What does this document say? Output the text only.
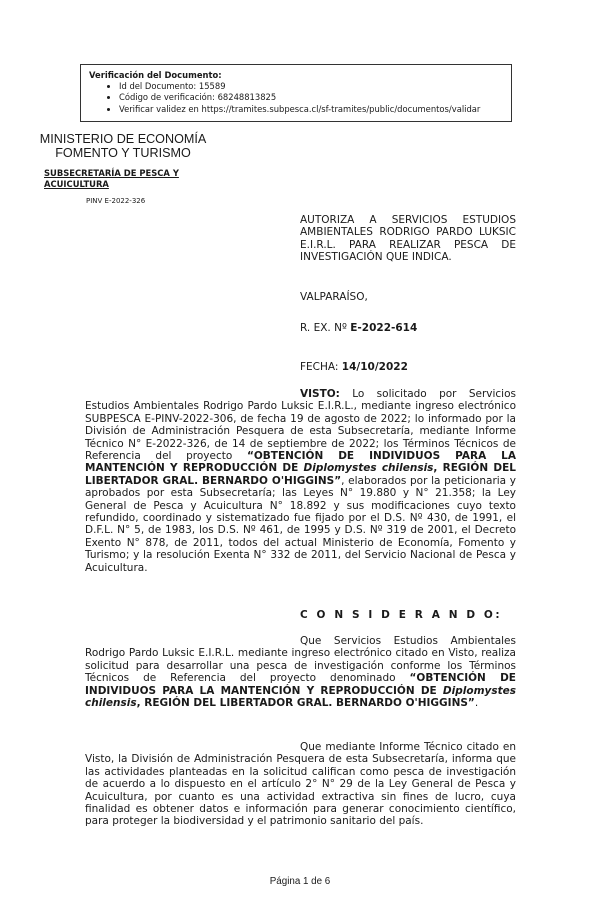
Verificación del Documento:
• Id del Documento: 15589
• Código de verificación: 68248813825
• Verificar validez en https://tramites.subpesca.cl/sf-tramites/public/documentos/validar
MINISTERIO DE ECONOMÍA
FOMENTO Y TURISMO
SUBSECRETARÍA DE PESCA Y
ACUICULTURA
PINV E-2022-326
AUTORIZA A SERVICIOS ESTUDIOS AMBIENTALES RODRIGO PARDO LUKSIC E.I.R.L. PARA REALIZAR PESCA DE INVESTIGACIÓN QUE INDICA.
VALPARAÍSO,
R. EX. Nº E-2022-614
FECHA: 14/10/2022

VISTO: Lo solicitado por Servicios Estudios Ambientales Rodrigo Pardo Luksic E.I.R.L., mediante ingreso electrónico SUBPESCA E-PINV-2022-306, de fecha 19 de agosto de 2022; lo informado por la División de Administración Pesquera de esta Subsecretaría, mediante Informe Técnico N° E-2022-326, de 14 de septiembre de 2022; los Términos Técnicos de Referencia del proyecto “OBTENCIÓN DE INDIVIDUOS PARA LA MANTENCIÓN Y REPRODUCCIÓN DE Diplomystes chilensis, REGIÓN DEL LIBERTADOR GRAL. BERNARDO O'HIGGINS”, elaborados por la peticionaria y aprobados por esta Subsecretaría; las Leyes N° 19.880 y N° 21.358; la Ley General de Pesca y Acuicultura N° 18.892 y sus modificaciones cuyo texto refundido, coordinado y sistematizado fue fijado por el D.S. Nº 430, de 1991, el D.F.L. N° 5, de 1983, los D.S. Nº 461, de 1995 y D.S. Nº 319 de 2001, el Decreto Exento N° 878, de 2011, todos del actual Ministerio de Economía, Fomento y Turismo; y la resolución Exenta N° 332 de 2011, del Servicio Nacional de Pesca y Acuicultura.

C O N S I D E R A N D O:

Que Servicios Estudios Ambientales Rodrigo Pardo Luksic E.I.R.L. mediante ingreso electrónico citado en Visto, realiza solicitud para desarrollar una pesca de investigación conforme los Términos Técnicos de Referencia del proyecto denominado “OBTENCIÓN DE INDIVIDUOS PARA LA MANTENCIÓN Y REPRODUCCIÓN DE Diplomystes chilensis, REGIÓN DEL LIBERTADOR GRAL. BERNARDO O'HIGGINS”.

Que mediante Informe Técnico citado en Visto, la División de Administración Pesquera de esta Subsecretaría, informa que las actividades planteadas en la solicitud califican como pesca de investigación de acuerdo a lo dispuesto en el artículo 2° N° 29 de la Ley General de Pesca y Acuicultura, por cuanto es una actividad extractiva sin fines de lucro, cuya finalidad es obtener datos e información para generar conocimiento científico, para proteger la biodiversidad y el patrimonio sanitario del país.

Página 1 de 6
